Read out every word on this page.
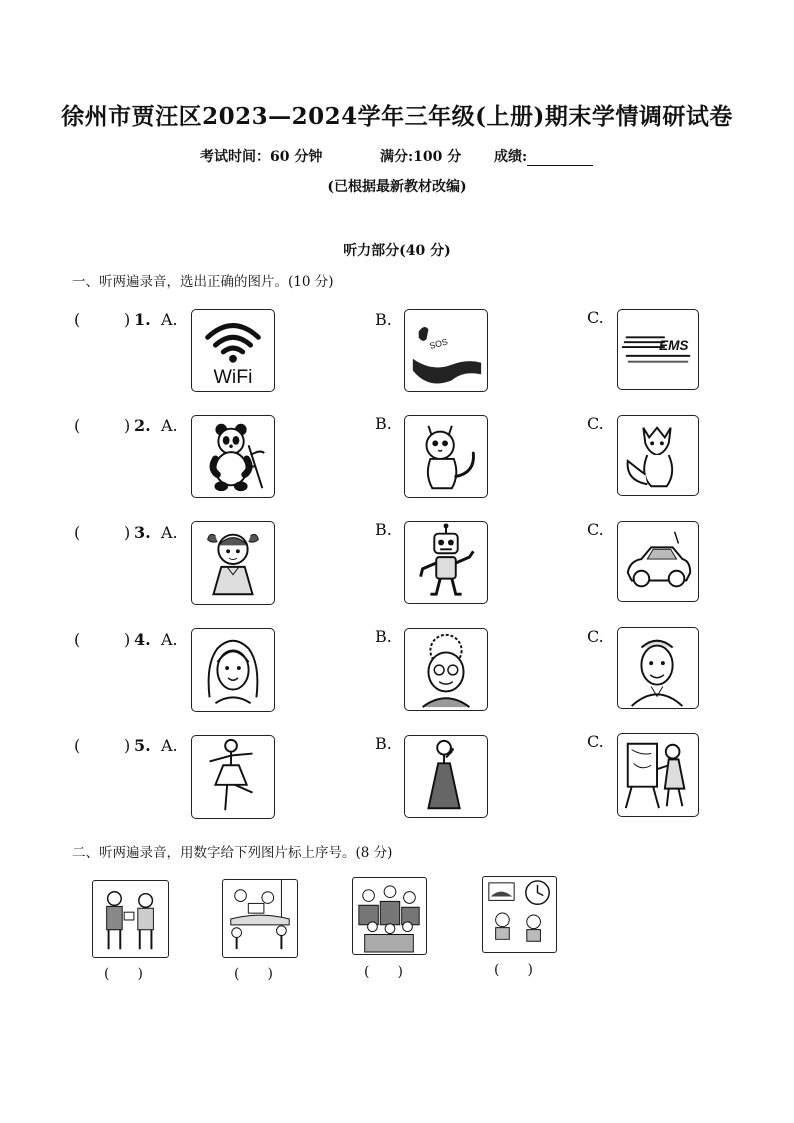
徐州市贾汪区2023—2024学年三年级(上册)期末学情调研试卷
考试时间：60 分钟	满分:100 分 成绩:
(已根据最新教材改编)
听力部分(40 分)
一、听两遍录音，选出正确的图片。(10 分)
(	) 1. A.	B.	C.
WiFi
SOS	EMS
(	) 2. A.	B.	C.
(	) 3. A.	B.	C.
(	) 4. A.	B.	C.
(	) 5. A.	B.	C.
二、听两遍录音，用数字给下列图片标上序号。(8 分)
(　　)	(　　)	(　　)	(　　)
